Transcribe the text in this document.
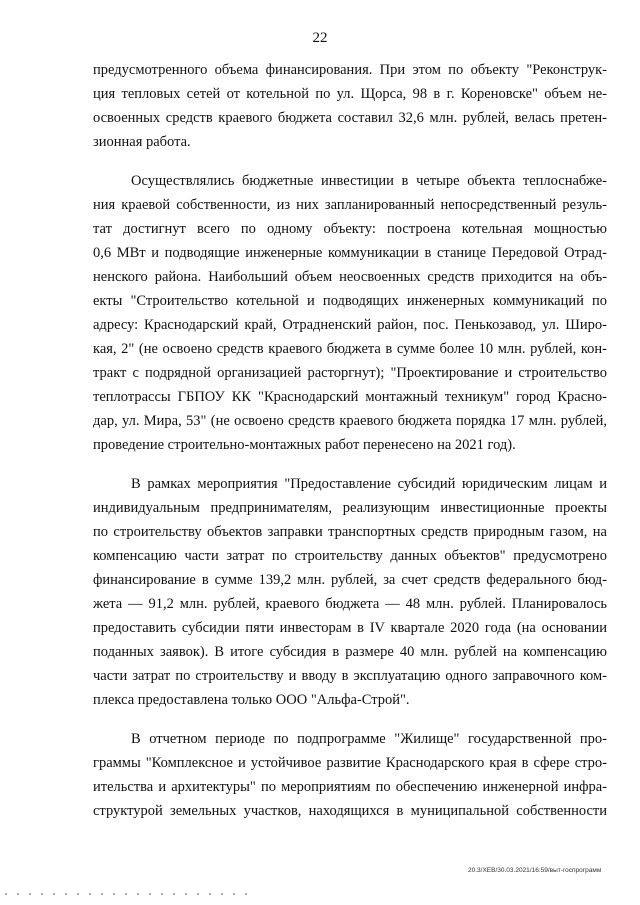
22
предусмотренного объема финансирования. При этом по объекту "Реконструк-
ция тепловых сетей от котельной по ул. Щорса, 98 в г. Кореновске" объем не-
освоенных средств краевого бюджета составил 32,6 млн. рублей, велась претен-
зионная работа.
Осуществлялись бюджетные инвестиции в четыре объекта теплоснабже-
ния краевой собственности, из них запланированный непосредственный резуль-
тат достигнут всего по одному объекту: построена котельная мощностью
0,6 МВт и подводящие инженерные коммуникации в станице Передовой Отрад-
ненского района. Наибольший объем неосвоенных средств приходится на объ-
екты "Строительство котельной и подводящих инженерных коммуникаций по
адресу: Краснодарский край, Отрадненский район, пос. Пенькозавод, ул. Широ-
кая, 2" (не освоено средств краевого бюджета в сумме более 10 млн. рублей, кон-
тракт с подрядной организацией расторгнут); "Проектирование и строительство
теплотрассы ГБПОУ КК "Краснодарский монтажный техникум" город Красно-
дар, ул. Мира, 53" (не освоено средств краевого бюджета порядка 17 млн. рублей,
проведение строительно-монтажных работ перенесено на 2021 год).
В рамках мероприятия "Предоставление субсидий юридическим лицам и
индивидуальным предпринимателям, реализующим инвестиционные проекты
по строительству объектов заправки транспортных средств природным газом, на
компенсацию части затрат по строительству данных объектов" предусмотрено
финансирование в сумме 139,2 млн. рублей, за счет средств федерального бюд-
жета — 91,2 млн. рублей, краевого бюджета — 48 млн. рублей. Планировалось
предоставить субсидии пяти инвесторам в IV квартале 2020 года (на основании
поданных заявок). В итоге субсидия в размере 40 млн. рублей на компенсацию
части затрат по строительству и вводу в эксплуатацию одного заправочного ком-
плекса предоставлена только ООО "Альфа-Строй".
В отчетном периоде по подпрограмме "Жилище" государственной про-
граммы "Комплексное и устойчивое развитие Краснодарского края в сфере стро-
ительства и архитектуры" по мероприятиям по обеспечению инженерной инфра-
структурой земельных участков, находящихся в муниципальной собственности
20.3/ХЕВ/30.03.2021/16:59/выт-госпрограмм
